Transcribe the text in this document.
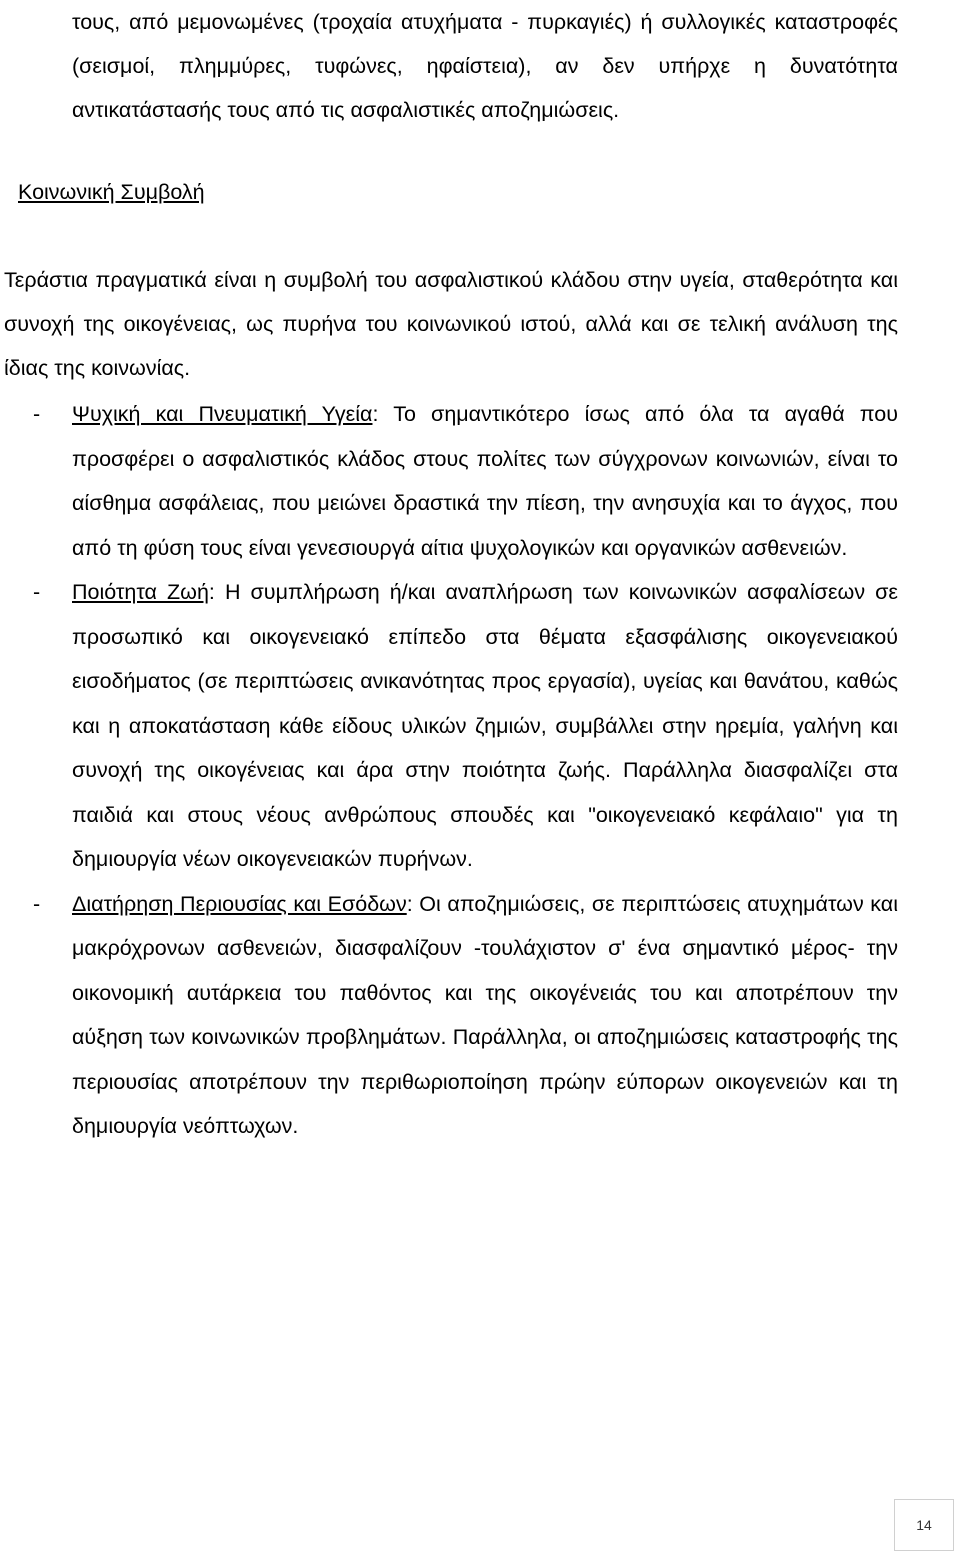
τους, από μεμονωμένες (τροχαία ατυχήματα - πυρκαγιές) ή συλλογικές καταστροφές (σεισμοί, πλημμύρες, τυφώνες, ηφαίστεια), αν δεν υπήρχε η δυνατότητα αντικατάστασής τους από τις ασφαλιστικές αποζημιώσεις.

Κοινωνική Συμβολή

Τεράστια πραγματικά είναι η συμβολή του ασφαλιστικού κλάδου στην υγεία, σταθερότητα και συνοχή της οικογένειας, ως πυρήνα του κοινωνικού ιστού, αλλά και σε τελική ανάλυση της ίδιας της κοινωνίας.

- Ψυχική και Πνευματική Υγεία: Το σημαντικότερο ίσως από όλα τα αγαθά που προσφέρει ο ασφαλιστικός κλάδος στους πολίτες των σύγχρονων κοινωνιών, είναι το αίσθημα ασφάλειας, που μειώνει δραστικά την πίεση, την ανησυχία και το άγχος, που από τη φύση τους είναι γενεσιουργά αίτια ψυχολογικών και οργανικών ασθενειών.
- Ποιότητα Ζωή: Η συμπλήρωση ή/και αναπλήρωση των κοινωνικών ασφαλίσεων σε προσωπικό και οικογενειακό επίπεδο στα θέματα εξασφάλισης οικογενειακού εισοδήματος (σε περιπτώσεις ανικανότητας προς εργασία), υγείας και θανάτου, καθώς και η αποκατάσταση κάθε είδους υλικών ζημιών, συμβάλλει στην ηρεμία, γαλήνη και συνοχή της οικογένειας και άρα στην ποιότητα ζωής. Παράλληλα διασφαλίζει στα παιδιά και στους νέους ανθρώπους σπουδές και "οικογενειακό κεφάλαιο" για τη δημιουργία νέων οικογενειακών πυρήνων.
- Διατήρηση Περιουσίας και Εσόδων: Οι αποζημιώσεις, σε περιπτώσεις ατυχημάτων και μακρόχρονων ασθενειών, διασφαλίζουν -τουλάχιστον σ' ένα σημαντικό μέρος- την οικονομική αυτάρκεια του παθόντος και της οικογένειάς του και αποτρέπουν την αύξηση των κοινωνικών προβλημάτων. Παράλληλα, οι αποζημιώσεις καταστροφής της περιουσίας αποτρέπουν την περιθωριοποίηση πρώην εύπορων οικογενειών και τη δημιουργία νεόπτωχων.
14
